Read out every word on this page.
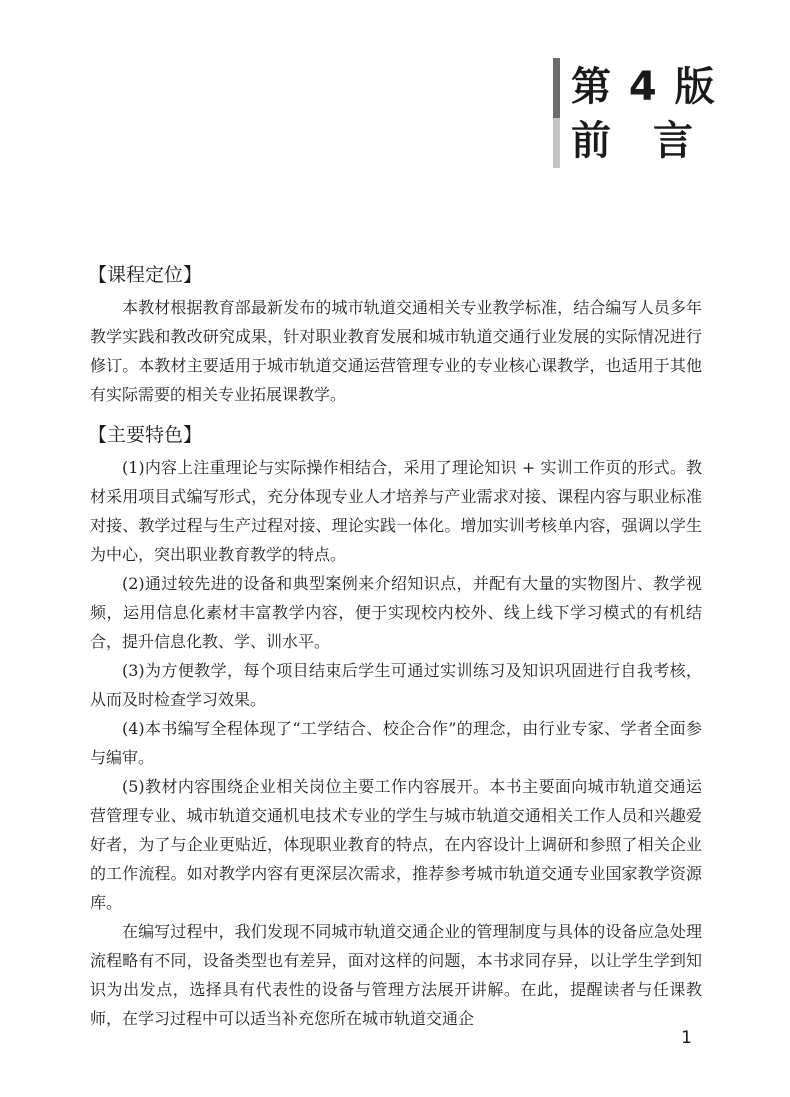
第 4 版
前言
【课程定位】

本教材根据教育部最新发布的城市轨道交通相关专业教学标准，结合编写人员多年教学实践和教改研究成果，针对职业教育发展和城市轨道交通行业发展的实际情况进行修订。本教材主要适用于城市轨道交通运营管理专业的专业核心课教学，也适用于其他有实际需要的相关专业拓展课教学。

【主要特色】

(1)内容上注重理论与实际操作相结合，采用了理论知识 + 实训工作页的形式。教材采用项目式编写形式，充分体现专业人才培养与产业需求对接、课程内容与职业标准对接、教学过程与生产过程对接、理论实践一体化。增加实训考核单内容，强调以学生为中心，突出职业教育教学的特点。

(2)通过较先进的设备和典型案例来介绍知识点，并配有大量的实物图片、教学视频，运用信息化素材丰富教学内容，便于实现校内校外、线上线下学习模式的有机结合，提升信息化教、学、训水平。

(3)为方便教学，每个项目结束后学生可通过实训练习及知识巩固进行自我考核，从而及时检查学习效果。

(4)本书编写全程体现了“工学结合、校企合作”的理念，由行业专家、学者全面参与编审。

(5)教材内容围绕企业相关岗位主要工作内容展开。本书主要面向城市轨道交通运营管理专业、城市轨道交通机电技术专业的学生与城市轨道交通相关工作人员和兴趣爱好者，为了与企业更贴近，体现职业教育的特点，在内容设计上调研和参照了相关企业的工作流程。如对教学内容有更深层次需求，推荐参考城市轨道交通专业国家教学资源库。

在编写过程中，我们发现不同城市轨道交通企业的管理制度与具体的设备应急处理流程略有不同，设备类型也有差异，面对这样的问题，本书求同存异，以让学生学到知识为出发点，选择具有代表性的设备与管理方法展开讲解。在此，提醒读者与任课教师，在学习过程中可以适当补充您所在城市轨道交通企

1
